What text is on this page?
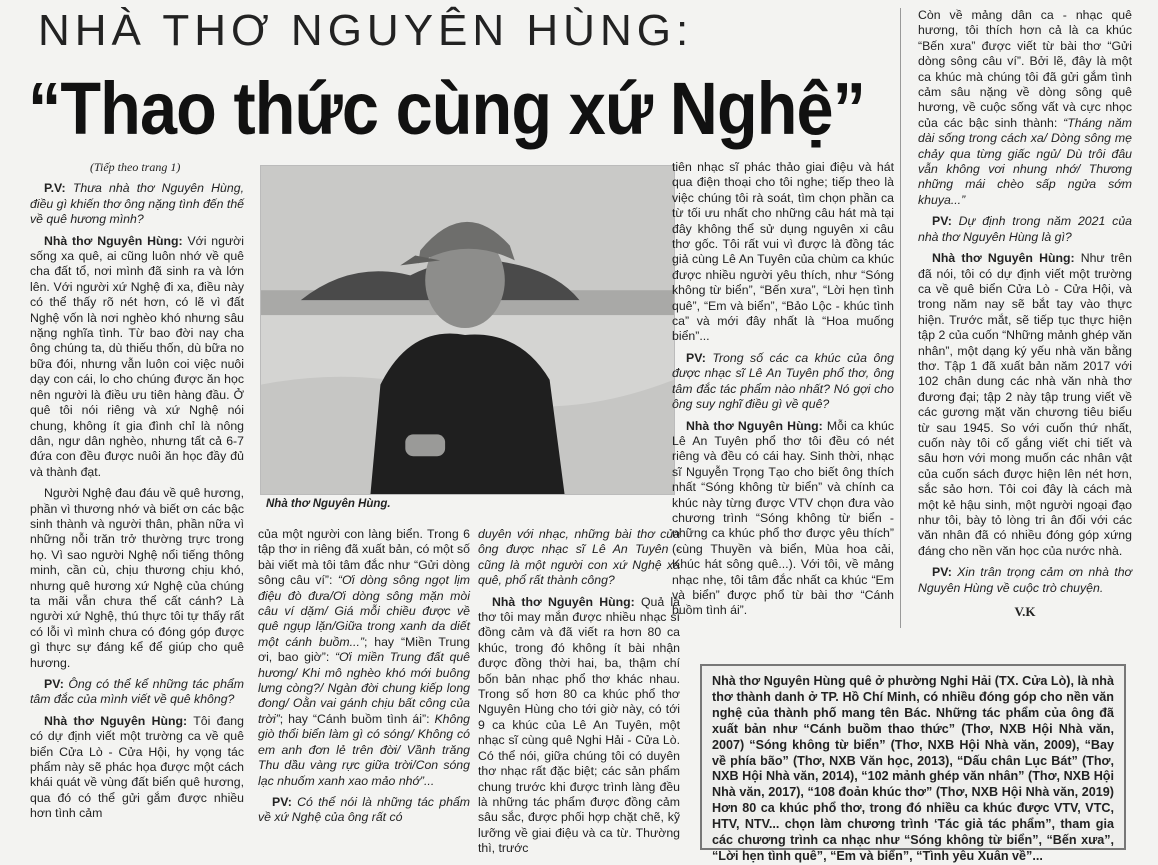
NHÀ THƠ NGUYÊN HÙNG:
“Thao thức cùng xứ Nghệ”

(Tiếp theo trang 1)

P.V: Thưa nhà thơ Nguyên Hùng, điều gì khiến thơ ông nặng tình đến thế về quê hương mình?

Nhà thơ Nguyên Hùng: Với người sống xa quê, ai cũng luôn nhớ về quê cha đất tổ, nơi mình đã sinh ra và lớn lên. Với người xứ Nghệ đi xa, điều này có thể thấy rõ nét hơn, có lẽ vì đất Nghệ vốn là nơi nghèo khó nhưng sâu nặng nghĩa tình. Từ bao đời nay cha ông chúng ta, dù thiếu thốn, dù bữa no bữa đói, nhưng vẫn luôn coi việc nuôi dạy con cái, lo cho chúng được ăn học nên người là điều ưu tiên hàng đầu. Ở quê tôi nói riêng và xứ Nghệ nói chung, không ít gia đình chỉ là nông dân, ngư dân nghèo, nhưng tất cả 6-7 đứa con đều được nuôi ăn học đầy đủ và thành đạt.

Người Nghệ đau đáu về quê hương, phần vì thương nhớ và biết ơn các bậc sinh thành và người thân, phần nữa vì những nỗi trăn trở thường trực trong họ. Vì sao người Nghệ nổi tiếng thông minh, cần cù, chịu thương chịu khó, nhưng quê hương xứ Nghệ của chúng ta mãi vẫn chưa thể cất cánh? Là người xứ Nghệ, thú thực tôi tự thấy rất có lỗi vì mình chưa có đóng góp được gì thực sự đáng kể để giúp cho quê hương.

PV: Ông có thể kể những tác phẩm tâm đắc của mình viết về quê không?

Nhà thơ Nguyên Hùng: Tôi đang có dự định viết một trường ca về quê biển Cửa Lò - Cửa Hội, hy vọng tác phẩm này sẽ phác họa được một cách khái quát về vùng đất biển quê hương, qua đó có thể gửi gắm được nhiều hơn tình cảm

Nhà thơ Nguyên Hùng.

của một người con làng biển. Trong 6 tập thơ in riêng đã xuất bản, có một số bài viết mà tôi tâm đắc như “Gửi dòng sông câu ví”: “Ơi dòng sông ngọt lịm điệu đò đưa/Ơi dòng sông mặn mòi câu ví dặm/ Giá mỗi chiều được về quê ngụp lặn/Giữa trong xanh da diết một cánh buồm...”; hay “Miền Trung ơi, bao giờ”: “Ơi miền Trung đất quê hương/ Khi mô nghèo khó mới buông lưng còng?/ Ngàn đời chung kiếp long đong/ Oằn vai gánh chịu bất công của trời”; hay “Cánh buồm tình ái”: Không giò thổi biển làm gì có sóng/ Không có em anh đơn lẻ trên đời/ Vầnh trăng Thu dầu vàng rực giữa trời/Con sóng lạc nhuốm xanh xao mảo nhớ”...

PV: Có thể nói là những tác phẩm về xứ Nghệ của ông rất có

duyên với nhạc, những bài thơ của ông được nhạc sĩ Lê An Tuyên - cũng là một người con xứ Nghệ xa quê, phổ rất thành công?

Nhà thơ Nguyên Hùng: Quả là thơ tôi may mắn được nhiều nhạc sĩ đồng cảm và đã viết ra hơn 80 ca khúc, trong đó không ít bài nhận được đồng thời hai, ba, thậm chí bốn bản nhạc phổ thơ khác nhau. Trong số hơn 80 ca khúc phổ thơ Nguyên Hùng cho tới giờ này, có tới 9 ca khúc của Lê An Tuyên, một nhạc sĩ cùng quê Nghi Hải - Cửa Lò. Có thể nói, giữa chúng tôi có duyên thơ nhạc rất đặc biệt; các sản phẩm chung trước khi được trình làng đều là những tác phẩm được đồng cảm sâu sắc, được phối hợp chặt chẽ, kỹ lưỡng về giai điệu và ca từ. Thường thì, trước

tiên nhạc sĩ phác thảo giai điệu và hát qua điện thoại cho tôi nghe; tiếp theo là việc chúng tôi rà soát, tìm chọn phần ca từ tối ưu nhất cho những câu hát mà tại đây không thể sử dụng nguyên xi câu thơ gốc. Tôi rất vui vì được là đồng tác giả cùng Lê An Tuyên của chùm ca khúc được nhiều người yêu thích, như “Sóng không từ biển”, “Bến xưa”, “Lời hẹn tình quê”, “Em và biển”, “Bảo Lộc - khúc tình ca” và mới đây nhất là “Hoa muống biển”...

PV: Trong số các ca khúc của ông được nhạc sĩ Lê An Tuyên phổ thơ, ông tâm đắc tác phẩm nào nhất? Nó gợi cho ông suy nghĩ điều gì về quê?

Nhà thơ Nguyên Hùng: Mỗi ca khúc Lê An Tuyên phổ thơ tôi đều có nét riêng và đều có cái hay. Sinh thời, nhạc sĩ Nguyễn Trọng Tạo cho biết ông thích nhất “Sóng không từ biển” và chính ca khúc này từng được VTV chọn đưa vào chương trình “Sóng không từ biển - những ca khúc phổ thơ được yêu thích” (cùng Thuyền và biển, Mùa hoa cải, Khúc hát sông quê...). Với tôi, về mảng nhạc nhẹ, tôi tâm đắc nhất ca khúc “Em và biển” được phổ từ bài thơ “Cánh buồm tình ái”.

Còn về mảng dân ca - nhạc quê hương, tôi thích hơn cả là ca khúc “Bến xưa” được viết từ bài thơ “Gửi dòng sông câu ví”. Bởi lẽ, đây là một ca khúc mà chúng tôi đã gửi gắm tình cảm sâu nặng về dòng sông quê hương, về cuộc sống vất và cực nhọc của các bậc sinh thành: “Tháng năm dài sống trong cách xa/ Dòng sông mẹ chảy qua từng giấc ngủ/ Dù trôi đâu vẫn không vơi nhung nhớ/ Thương những mái chèo sấp ngửa sớm khuya...”

PV: Dự định trong năm 2021 của nhà thơ Nguyên Hùng là gì?

Nhà thơ Nguyên Hùng: Như trên đã nói, tôi có dự định viết một trường ca về quê biển Cửa Lò - Cửa Hội, và trong năm nay sẽ bắt tay vào thực hiện. Trước mắt, sẽ tiếp tục thực hiện tập 2 của cuốn “Những mảnh ghép văn nhân”, một dạng ký yếu nhà văn bằng thơ. Tập 1 đã xuất bản năm 2017 với 102 chân dung các nhà văn nhà thơ đương đại; tập 2 này tập trung viết về các gương mặt văn chương tiêu biểu từ sau 1945. So với cuốn thứ nhất, cuốn này tôi cố gắng viết chi tiết và sâu hơn với mong muốn các nhân vật của cuốn sách được hiện lên nét hơn, sắc sảo hơn. Tôi coi đây là cách mà một kẻ hậu sinh, một người ngoại đạo như tôi, bày tỏ lòng tri ân đối với các văn nhân đã có nhiều đóng góp xứng đáng cho nền văn học của nước nhà.

PV: Xin trân trọng cảm ơn nhà thơ Nguyên Hùng về cuộc trò chuyện.

V.K

Nhà thơ Nguyên Hùng quê ở phường Nghi Hải (TX. Cửa Lò), là nhà thơ thành danh ở TP. Hồ Chí Minh, có nhiều đóng góp cho nền văn nghệ của thành phố mang tên Bác. Những tác phẩm của ông đã xuất bản như “Cánh buồm thao thức” (Thơ, NXB Hội Nhà văn, 2007) “Sóng không từ biển” (Thơ, NXB Hội Nhà văn, 2009), “Bay về phía bão” (Thơ, NXB Văn học, 2013), “Dấu chân Lục Bát” (Thơ, NXB Hội Nhà văn, 2014), “102 mảnh ghép văn nhân” (Thơ, NXB Hội Nhà văn, 2017), “108 đoản khúc thơ” (Thơ, NXB Hội Nhà văn, 2019) Hơn 80 ca khúc phổ thơ, trong đó nhiều ca khúc được VTV, VTC, HTV, NTV... chọn làm chương trình ‘Tác giả tác phẩm”, tham gia các chương trình ca nhạc như “Sóng không từ biển”, “Bến xưa”, “Lời hẹn tình quê”, “Em và biển”, “Tình yêu Xuân về”...
